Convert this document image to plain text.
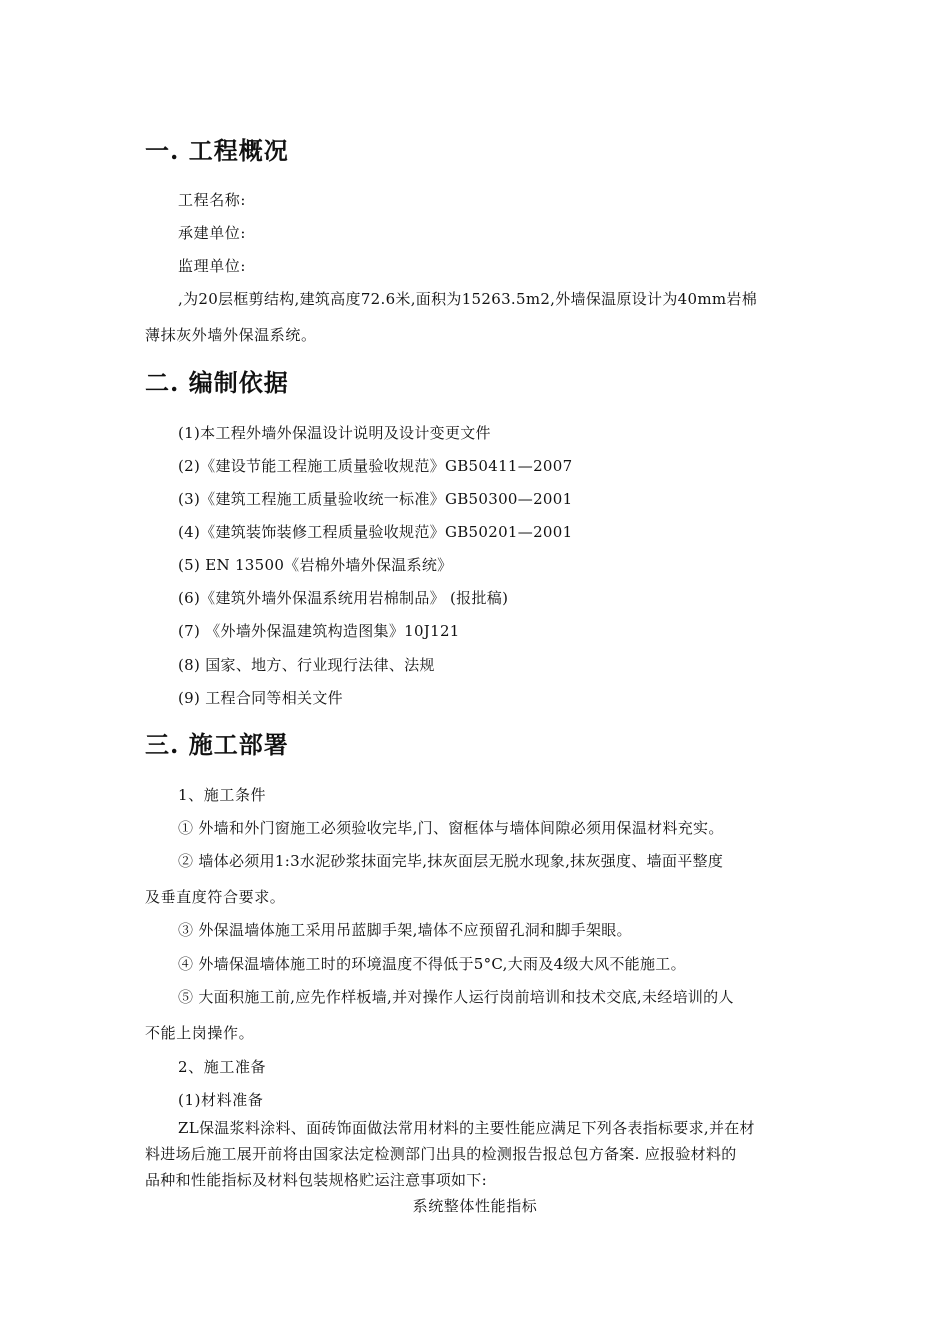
一. 工程概况
工程名称:
承建单位:
监理单位:
,为20层框剪结构,建筑高度72.6米,面积为15263.5m2,外墙保温原设计为40mm岩棉
薄抹灰外墙外保温系统。
二. 编制依据
(1)本工程外墙外保温设计说明及设计变更文件
(2)《建设节能工程施工质量验收规范》GB50411—2007
(3)《建筑工程施工质量验收统一标准》GB50300—2001
(4)《建筑装饰装修工程质量验收规范》GB50201—2001
(5) EN 13500《岩棉外墙外保温系统》
(6)《建筑外墙外保温系统用岩棉制品》 (报批稿)
(7) 《外墙外保温建筑构造图集》10J121
(8) 国家、地方、行业现行法律、法规
(9) 工程合同等相关文件
三. 施工部署
1、施工条件
① 外墙和外门窗施工必须验收完毕,门、窗框体与墙体间隙必须用保温材料充实。
② 墙体必须用1:3水泥砂浆抹面完毕,抹灰面层无脱水现象,抹灰强度、墙面平整度
及垂直度符合要求。
③ 外保温墙体施工采用吊蓝脚手架,墙体不应预留孔洞和脚手架眼。
④ 外墙保温墙体施工时的环境温度不得低于5°C,大雨及4级大风不能施工。
⑤ 大面积施工前,应先作样板墙,并对操作人运行岗前培训和技术交底,未经培训的人
不能上岗操作。
2、施工准备
(1)材料准备
ZL保温浆料涂料、面砖饰面做法常用材料的主要性能应满足下列各表指标要求,并在材
料进场后施工展开前将由国家法定检测部门出具的检测报告报总包方备案. 应报验材料的
品种和性能指标及材料包装规格贮运注意事项如下:
系统整体性能指标
